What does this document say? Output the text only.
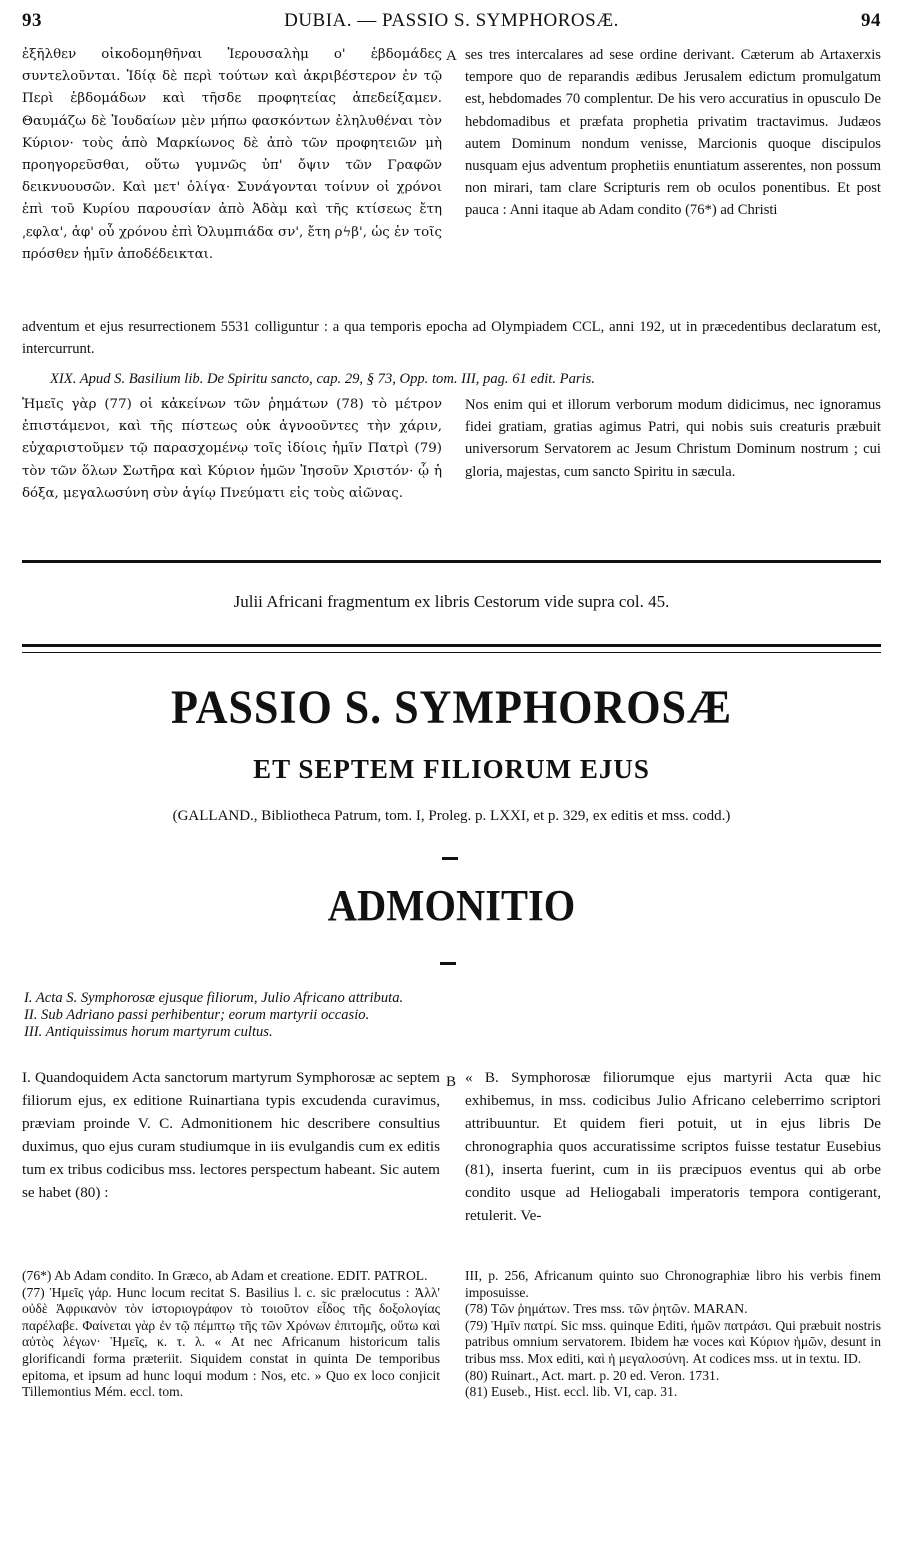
93	DUBIA. — PASSIO S. SYMPHOROSÆ.	94

ἐξῆλθεν οἰκοδομηθῆναι Ἱερουσαλὴμ ο' ἑβδομάδες συντελοῦνται. Ἰδίᾳ δὲ περὶ τούτων καὶ ἀκριβέστερον ἐν τῷ Περὶ ἑβδομάδων καὶ τῆσδε προφητείας ἀπεδείξαμεν. Θαυμάζω δὲ Ἰουδαίων μὲν μήπω φασκόντων ἐληλυθέναι τὸν Κύριον· τοὺς ἀπὸ Μαρκίωνος δὲ ἀπὸ τῶν προφητειῶν μὴ προηγορεῦσθαι, οὕτω γυμνῶς ὑπ' ὄψιν τῶν Γραφῶν δεικνυουσῶν. Καὶ μετ' ὀλίγα· Συνάγονται τοίνυν οἱ χρόνοι ἐπὶ τοῦ Κυρίου παρουσίαν ἀπὸ Ἀδὰμ καὶ τῆς κτίσεως ἔτη ͵εφλα', ἀφ' οὗ χρόνου ἐπὶ Ὀλυμπιάδα σν', ἔτη ρϟβ', ὡς ἐν τοῖς πρόσθεν ἡμῖν ἀποδέδεικται.

A ses tres intercalares ad sese ordine derivant. Cæterum ab Artaxerxis tempore quo de reparandis ædibus Jerusalem edictum promulgatum est, hebdomades 70 complentur. De his vero accuratius in opusculo De hebdomadibus et præfata prophetia privatim tractavimus. Judæos autem Dominum nondum venisse, Marcionis quoque discipulos nusquam ejus adventum prophetiis enuntiatum asserentes, non possum non mirari, tam clare Scripturis rem ob oculos ponentibus. Et post pauca : Anni itaque ab Adam condito (76*) ad Christi

adventum et ejus resurrectionem 5531 colliguntur : a qua temporis epocha ad Olympiadem CCL, anni 192, ut in præcedentibus declaratum est, intercurrunt.
XIX. Apud S. Basilium lib. De Spiritu sancto, cap. 29, § 73, Opp. tom. III, pag. 61 edit. Paris.

Ἡμεῖς γὰρ (77) οἱ κἀκείνων τῶν ῥημάτων (78) τὸ μέτρον ἐπιστάμενοι, καὶ τῆς πίστεως οὐκ ἀγνοοῦντες τὴν χάριν, εὐχαριστοῦμεν τῷ παρασχομένῳ τοῖς ἰδίοις ἡμῖν Πατρὶ (79) τὸν τῶν ὅλων Σωτῆρα καὶ Κύριον ἡμῶν Ἰησοῦν Χριστόν· ᾧ ἡ δόξα, μεγαλωσύνη σὺν ἁγίῳ Πνεύματι εἰς τοὺς αἰῶνας.

Nos enim qui et illorum verborum modum didicimus, nec ignoramus fidei gratiam, gratias agimus Patri, qui nobis suis creaturis præbuit universorum Servatorem ac Jesum Christum Dominum nostrum ; cui gloria, majestas, cum sancto Spiritu in sæcula.

Julii Africani fragmentum ex libris Cestorum vide supra col. 45.
PASSIO S. SYMPHOROSÆ
ET SEPTEM FILIORUM EJUS
(GALLAND., Bibliotheca Patrum, tom. I, Proleg. p. LXXI, et p. 329, ex editis et mss. codd.)
ADMONITIO

I. Acta S. Symphorosæ ejusque filiorum, Julio Africano attributa.

II. Sub Adriano passi perhibentur; eorum martyrii occasio.

III. Antiquissimus horum martyrum cultus.

I. Quandoquidem Acta sanctorum martyrum Symphorosæ ac septem filiorum ejus, ex editione Ruinartiana typis excudenda curavimus, præviam proinde V. C. Admonitionem hic describere consultius duximus, quo ejus curam studiumque in iis evulgandis cum ex editis tum ex tribus codicibus mss. lectores perspectum habeant. Sic autem se habet (80) :

B « B. Symphorosæ filiorumque ejus martyrii Acta quæ hic exhibemus, in mss. codicibus Julio Africano celeberrimo scriptori attribuuntur. Et quidem fieri potuit, ut in ejus libris De chronographia quos accuratissime scriptos fuisse testatur Eusebius (81), inserta fuerint, cum in iis præcipuos eventus qui ab orbe condito usque ad Heliogabali imperatoris tempora contigerant, retulerit. Ve-

(76*) Ab Adam condito. In Græco, ab Adam et creatione. EDIT. PATROL.

(77) Ἡμεῖς γάρ. Hunc locum recitat S. Basilius l. c. sic prælocutus : Ἀλλ' οὐδὲ Ἀφρικανὸν τὸν ἱστοριογράφον τὸ τοιοῦτον εἶδος τῆς δοξολογίας παρέλαβε. Φαίνεται γὰρ ἐν τῷ πέμπτῳ τῆς τῶν Χρόνων ἐπιτομῆς, οὕτω καὶ αὐτὸς λέγων· Ἡμεῖς, κ. τ. λ. « At nec Africanum historicum talis glorificandi forma præteriit. Siquidem constat in quinta De temporibus epitoma, et ipsum ad hunc loqui modum : Nos, etc. » Quo ex loco conjicit Tillemontius Mém. eccl. tom.

III, p. 256, Africanum quinto suo Chronographiæ libro his verbis finem imposuisse.

(78) Τῶν ῥημάτων. Tres mss. τῶν ῥητῶν. MARAN.

(79) Ἡμῖν πατρί. Sic mss. quinque Editi, ἡμῶν πατράσι. Qui præbuit nostris patribus omnium servatorem. Ibidem hæ voces καὶ Κύριον ἡμῶν, desunt in tribus mss. Mox editi, καὶ ἡ μεγαλοσύνη. At codices mss. ut in textu. ID.

(80) Ruinart., Act. mart. p. 20 ed. Veron. 1731.

(81) Euseb., Hist. eccl. lib. VI, cap. 31.
